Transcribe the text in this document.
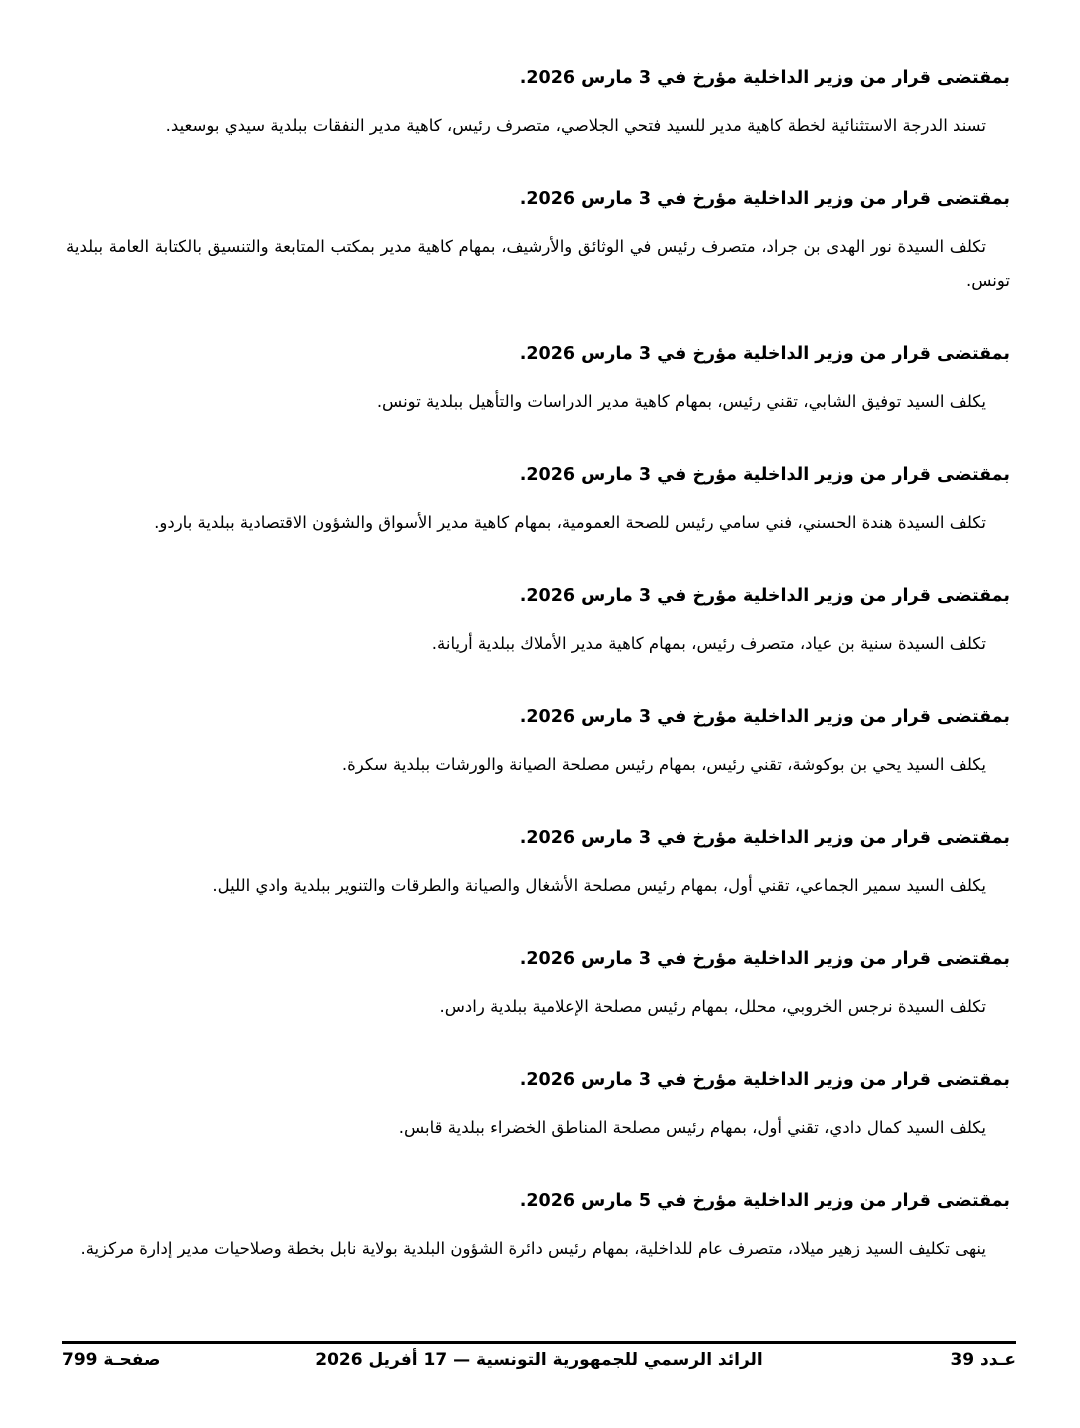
بمقتضى قرار من وزير الداخلية مؤرخ في 3 مارس 2026.

تسند الدرجة الاستثنائية لخطة كاهية مدير للسيد فتحي الجلاصي، متصرف رئيس، كاهية مدير النفقات ببلدية سيدي بوسعيد.

بمقتضى قرار من وزير الداخلية مؤرخ في 3 مارس 2026.

تكلف السيدة نور الهدى بن جراد، متصرف رئيس في الوثائق والأرشيف، بمهام كاهية مدير بمكتب المتابعة والتنسيق بالكتابة العامة ببلدية تونس.

بمقتضى قرار من وزير الداخلية مؤرخ في 3 مارس 2026.

يكلف السيد توفيق الشابي، تقني رئيس، بمهام كاهية مدير الدراسات والتأهيل ببلدية تونس.

بمقتضى قرار من وزير الداخلية مؤرخ في 3 مارس 2026.

تكلف السيدة هندة الحسني، فني سامي رئيس للصحة العمومية، بمهام كاهية مدير الأسواق والشؤون الاقتصادية ببلدية باردو.

بمقتضى قرار من وزير الداخلية مؤرخ في 3 مارس 2026.

تكلف السيدة سنية بن عياد، متصرف رئيس، بمهام كاهية مدير الأملاك ببلدية أريانة.

بمقتضى قرار من وزير الداخلية مؤرخ في 3 مارس 2026.

يكلف السيد يحي بن بوكوشة، تقني رئيس، بمهام رئيس مصلحة الصيانة والورشات ببلدية سكرة.

بمقتضى قرار من وزير الداخلية مؤرخ في 3 مارس 2026.

يكلف السيد سمير الجماعي، تقني أول، بمهام رئيس مصلحة الأشغال والصيانة والطرقات والتنوير ببلدية وادي الليل.

بمقتضى قرار من وزير الداخلية مؤرخ في 3 مارس 2026.

تكلف السيدة نرجس الخروبي، محلل، بمهام رئيس مصلحة الإعلامية ببلدية رادس.

بمقتضى قرار من وزير الداخلية مؤرخ في 3 مارس 2026.

يكلف السيد كمال دادي، تقني أول، بمهام رئيس مصلحة المناطق الخضراء ببلدية قابس.

بمقتضى قرار من وزير الداخلية مؤرخ في 5 مارس 2026.

ينهى تكليف السيد زهير ميلاد، متصرف عام للداخلية، بمهام رئيس دائرة الشؤون البلدية بولاية نابل بخطة وصلاحيات مدير إدارة مركزية.

عـدد 39
الرائد الرسمي للجمهورية التونسية — 17 أفريل 2026
صفحـة 799
